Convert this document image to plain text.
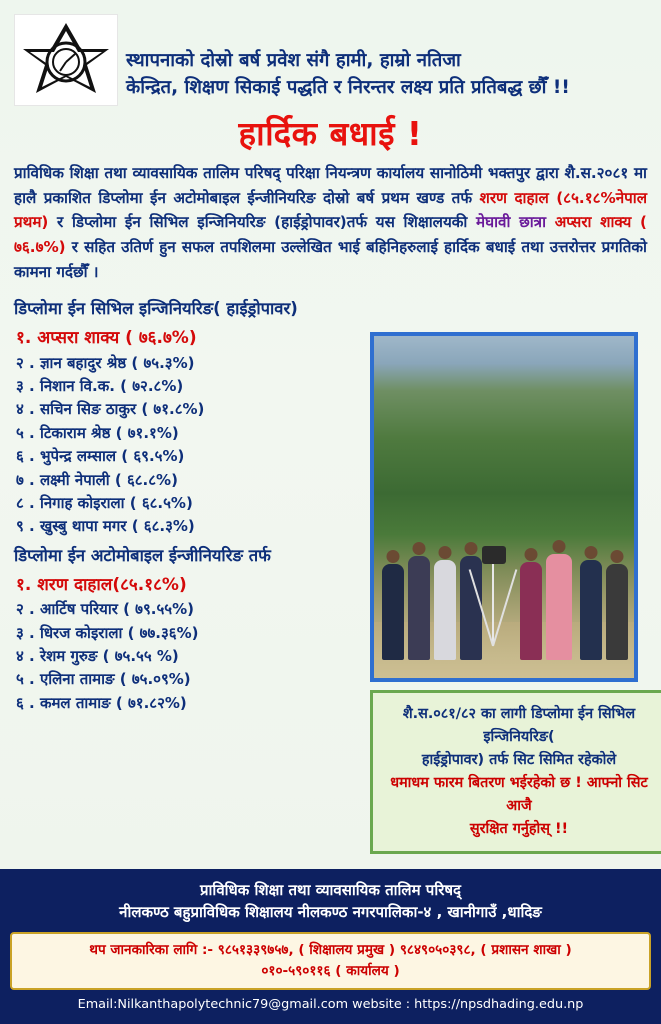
स्थापनाको दोस्रो बर्ष प्रवेश संगै हामी, हाम्रो नतिजा
केन्द्रित, शिक्षण सिकाई पद्धति र निरन्तर लक्ष्य प्रति प्रतिबद्ध छौँ !!
हार्दिक बधाई !
प्राविधिक शिक्षा तथा व्यावसायिक तालिम परिषद् परिक्षा नियन्त्रण कार्यालय सानोठिमी भक्तपुर द्वारा शै.स.२०८१ मा हालै प्रकाशित डिप्लोमा ईन अटोमोबाइल ईन्जीनियरिङ दोस्रो बर्ष प्रथम खण्ड तर्फ शरण दाहाल (८५.१८%नेपाल प्रथम) र डिप्लोमा ईन सिभिल इन्जिनियरिङ (हाईड्रोपावर)तर्फ यस शिक्षालयकी मेघावी छात्रा अप्सरा शाक्य ( ७६.७%) र सहित उतिर्ण हुन सफल तपशिलमा उल्लेखित भाई बहिनिहरुलाई हार्दिक बधाई तथा उत्तरोत्तर प्रगतिको कामना गर्दछौँ ।
डिप्लोमा ईन सिभिल इन्जिनियरिङ( हाईड्रोपावर)
१. अप्सरा शाक्य ( ७६.७%)
२ . ज्ञान बहादुर श्रेष्ठ ( ७५.३%)
३ . निशान वि.क. ( ७२.८%)
४ . सचिन सिङ ठाकुर ( ७१.८%)
५ . टिकाराम श्रेष्ठ ( ७१.१%)
६ . भुपेन्द्र लम्साल ( ६९.५%)
७ . लक्ष्मी नेपाली ( ६८.८%)
८ . निगाह कोइराला ( ६८.५%)
९ . खुस्बु थापा मगर ( ६८.३%)
डिप्लोमा ईन अटोमोबाइल ईन्जीनियरिङ तर्फ
१. शरण दाहाल(८५.१८%)
२ . आर्टिष परियार ( ७९.५५%)
३ . धिरज कोइराला ( ७७.३६%)
४ . रेशम गुरुङ ( ७५.५५ %)
५ . एलिना तामाङ ( ७५.०९%)
६ . कमल तामाङ ( ७१.८२%)
शै.स.०८१/८२ का लागी डिप्लोमा ईन सिभिल इन्जिनियरिङ(
हाईड्रोपावर) तर्फ सिट सिमित रहेकोले
धमाधम फारम बितरण भईरहेको छ ! आफ्नो सिट आजै
सुरक्षित गर्नुहोस् !!
प्राविधिक शिक्षा तथा व्यावसायिक तालिम परिषद्
नीलकण्ठ बहुप्राविधिक शिक्षालय नीलकण्ठ नगरपालिका-४ , खानीगाउँ ,धादिङ
थप जानकारिका लागि :- ९८५१३३९७५७, ( शिक्षालय प्रमुख ) ९८४९०५०३९८, ( प्रशासन शाखा )
०१०-५९०११६ ( कार्यालय )
Email:Nilkanthapolytechnic79@gmail.com website : https://npsdhading.edu.np
